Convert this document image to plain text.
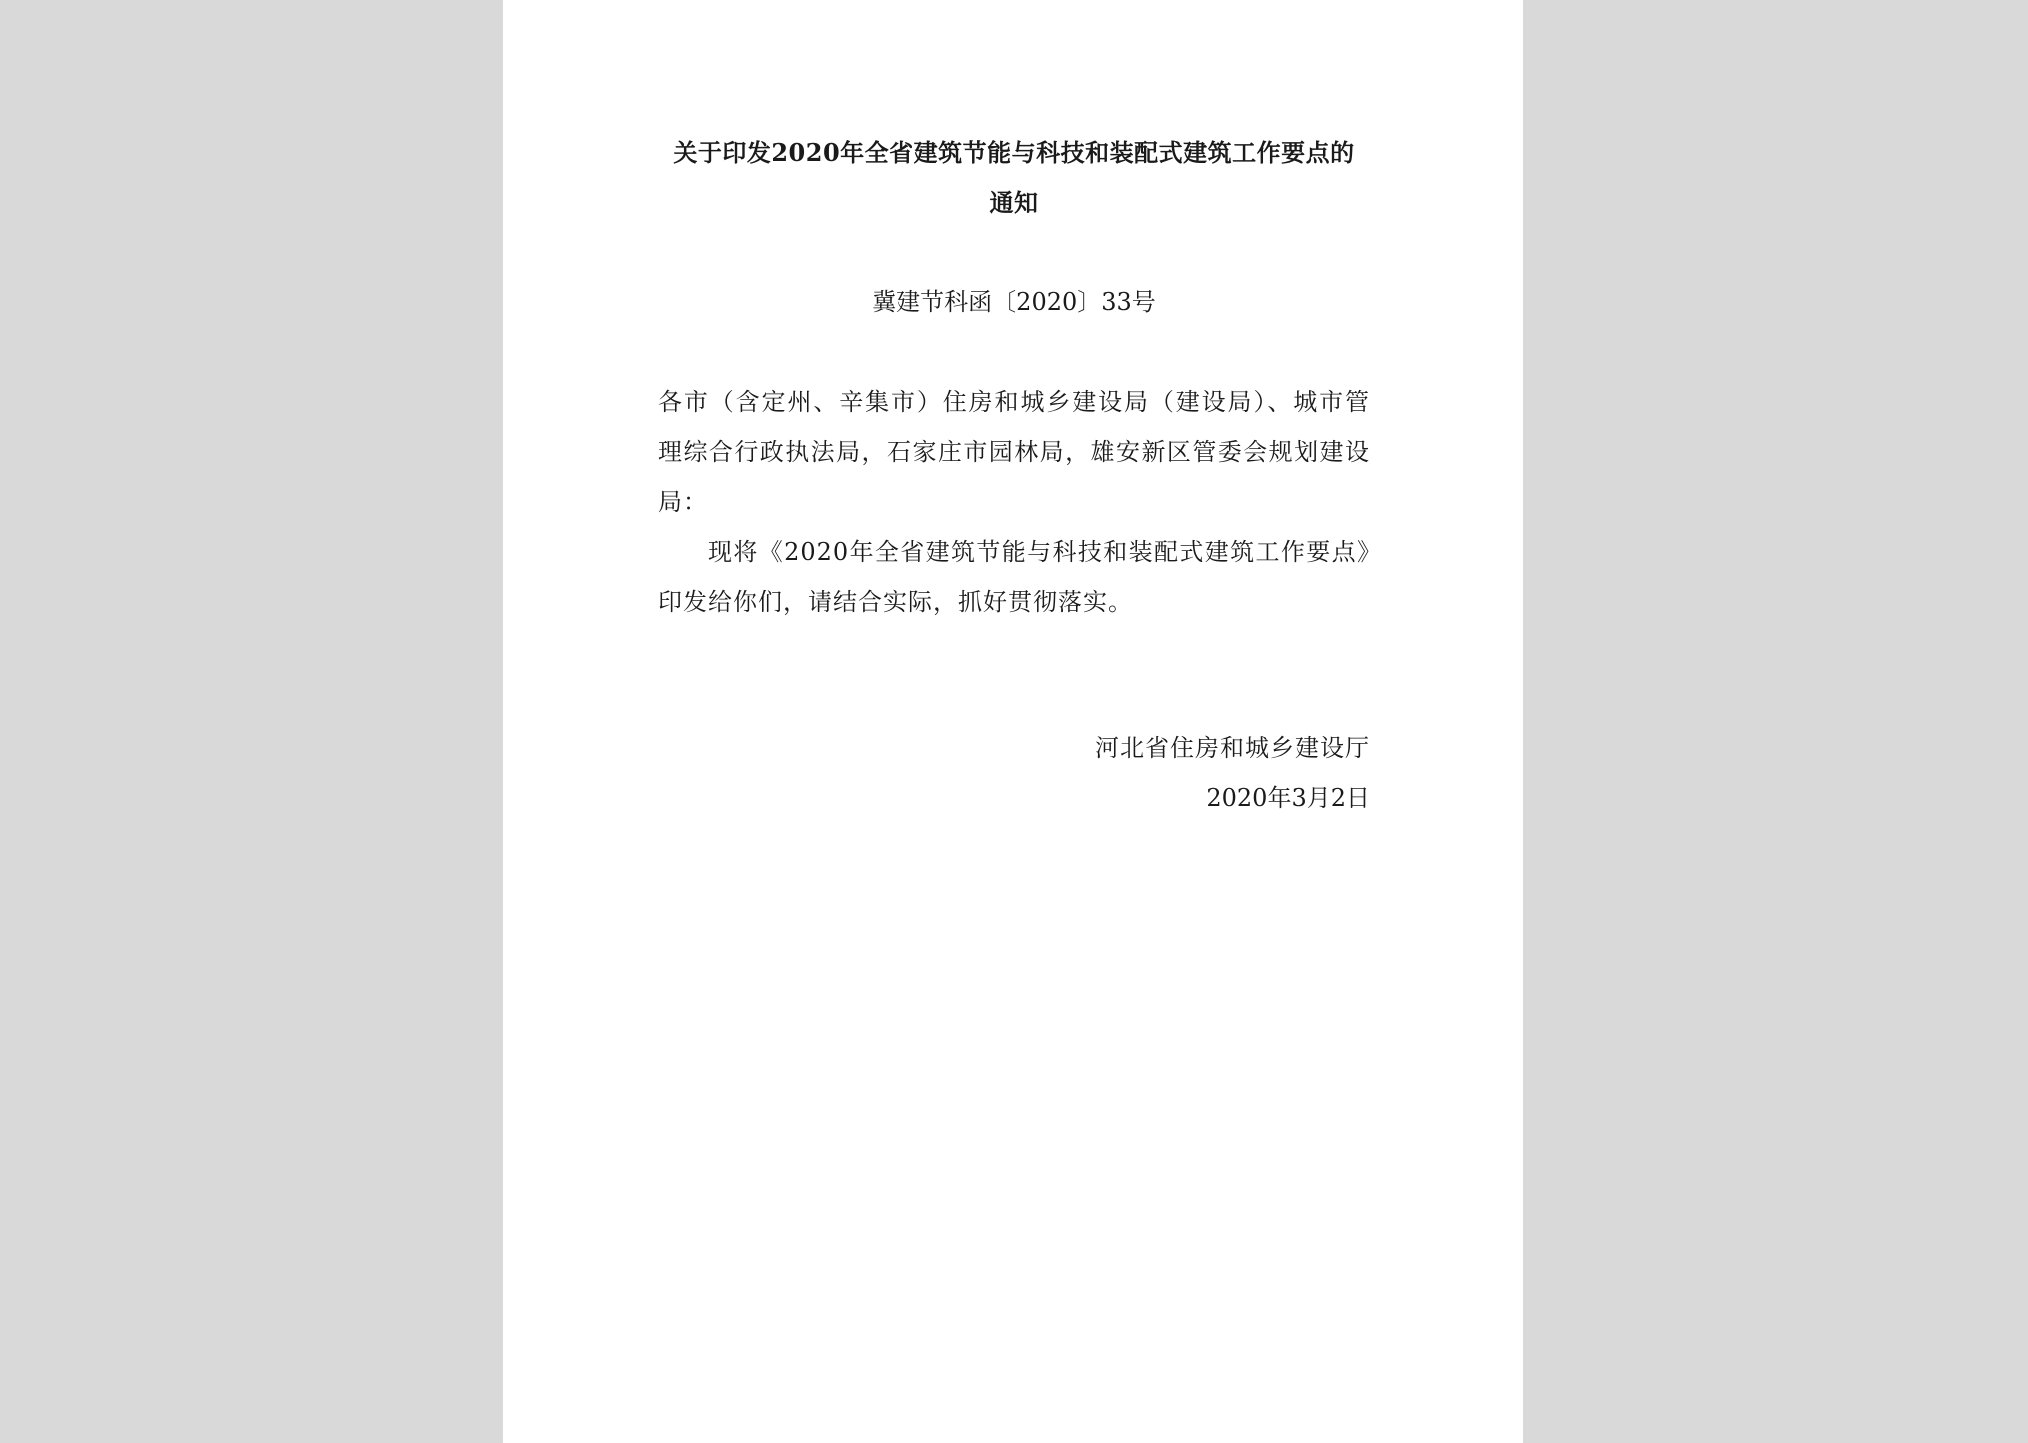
关于印发2020年全省建筑节能与科技和装配式建筑工作要点的
通知
冀建节科函〔2020〕33号
各市（含定州、辛集市）住房和城乡建设局（建设局）、城市管理综合行政执法局，石家庄市园林局，雄安新区管委会规划建设局：
现将《2020年全省建筑节能与科技和装配式建筑工作要点》印发给你们，请结合实际，抓好贯彻落实。
河北省住房和城乡建设厅
2020年3月2日
